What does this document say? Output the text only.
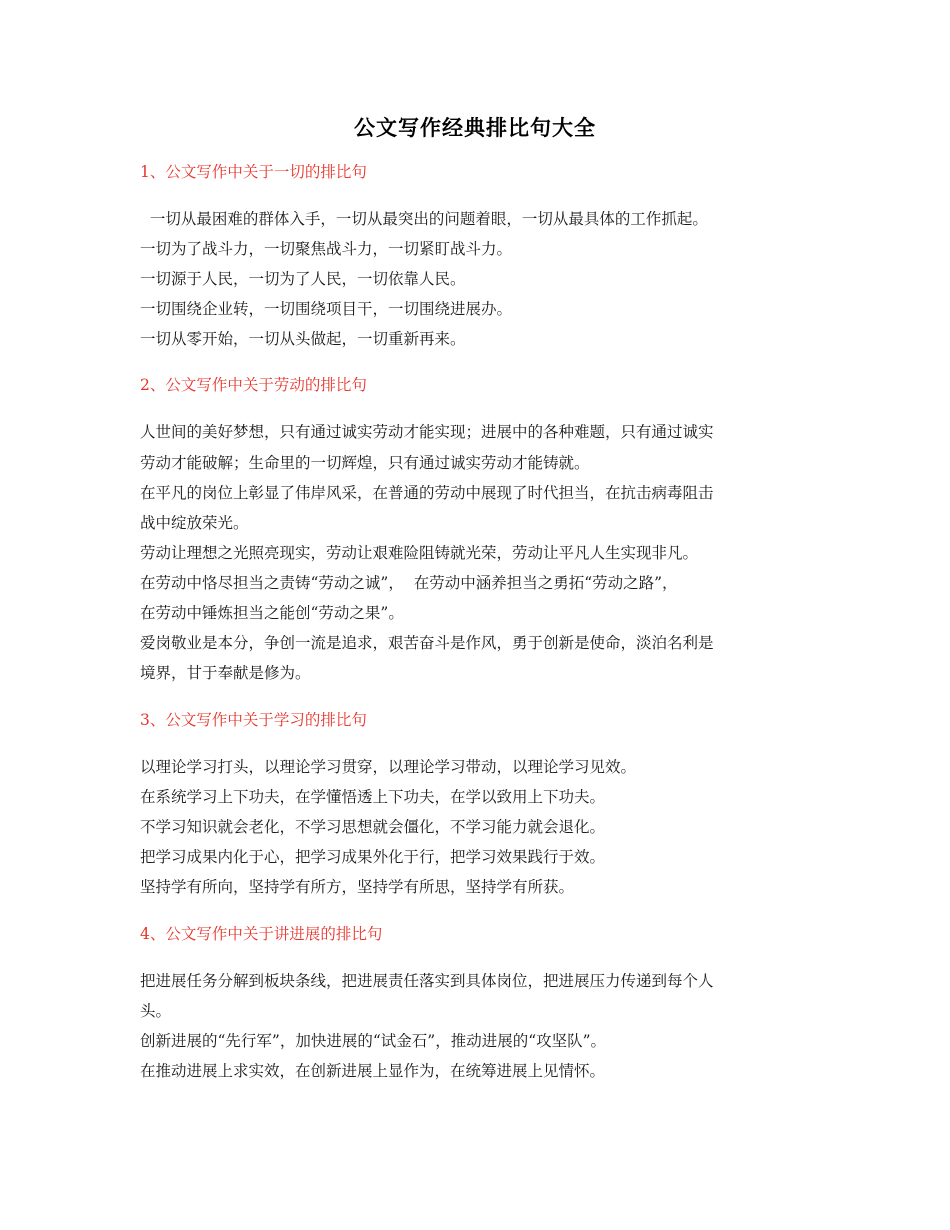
公文写作经典排比句大全
1、公文写作中关于一切的排比句
一切从最困难的群体入手，一切从最突出的问题着眼，一切从最具体的工作抓起。
一切为了战斗力，一切聚焦战斗力，一切紧盯战斗力。
一切源于人民，一切为了人民，一切依靠人民。
一切围绕企业转，一切围绕项目干，一切围绕进展办。
一切从零开始，一切从头做起，一切重新再来。
2、公文写作中关于劳动的排比句
人世间的美好梦想，只有通过诚实劳动才能实现；进展中的各种难题，只有通过诚实
劳动才能破解；生命里的一切辉煌，只有通过诚实劳动才能铸就。
在平凡的岗位上彰显了伟岸风采，在普通的劳动中展现了时代担当，在抗击病毒阻击
战中绽放荣光。
劳动让理想之光照亮现实，劳动让艰难险阻铸就光荣，劳动让平凡人生实现非凡。
在劳动中恪尽担当之责铸“劳动之诚”，  在劳动中涵养担当之勇拓“劳动之路”，
在劳动中锤炼担当之能创“劳动之果”。
爱岗敬业是本分，争创一流是追求，艰苦奋斗是作风，勇于创新是使命，淡泊名利是
境界，甘于奉献是修为。
3、公文写作中关于学习的排比句
以理论学习打头，以理论学习贯穿，以理论学习带动，以理论学习见效。
在系统学习上下功夫，在学懂悟透上下功夫，在学以致用上下功夫。
不学习知识就会老化，不学习思想就会僵化，不学习能力就会退化。
把学习成果内化于心，把学习成果外化于行，把学习效果践行于效。
坚持学有所向，坚持学有所方，坚持学有所思，坚持学有所获。
4、公文写作中关于讲进展的排比句
把进展任务分解到板块条线，把进展责任落实到具体岗位，把进展压力传递到每个人
头。
创新进展的“先行军”，加快进展的“试金石”，推动进展的“攻坚队”。
在推动进展上求实效，在创新进展上显作为，在统筹进展上见情怀。
